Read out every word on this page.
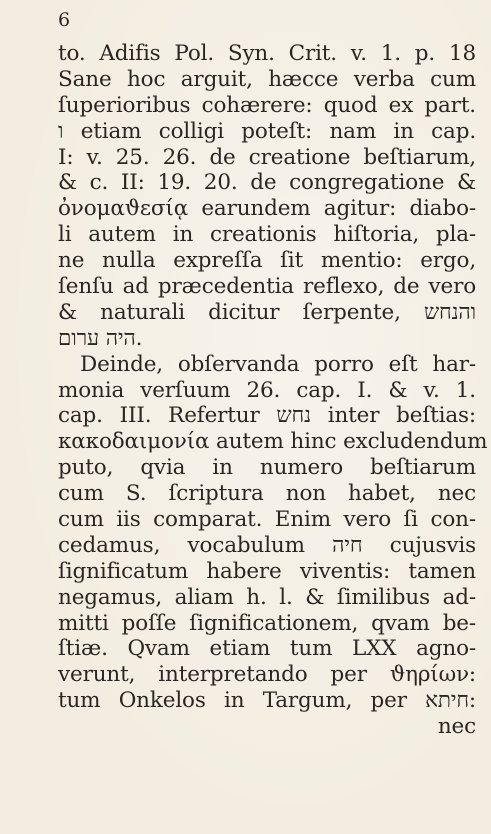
6
to. Adifis Pol. Syn. Crit. v. 1. p. 18
Sane hoc arguit, hæcce verba cum
ſuperioribus cohærere: quod ex part.
ו etiam colligi poteſt: nam in cap.
I: v. 25. 26. de creatione beſtiarum,
& c. II: 19. 20. de congregatione &
ὀνομαϑεσίᾳ earundem agitur: diabo-
li autem in creationis hiſtoria, pla-
ne nulla expreſſa ſit mentio: ergo,
ſenſu ad præcedentia reflexo, de vero
& naturali dicitur ſerpente, והנחש
היה ערום.
Deinde, obſervanda porro eſt har-
monia verſuum 26. cap. I. & v. 1.
cap. III. Refertur נחש inter beſtias:
κακοδαιμονία autem hinc excludendum
puto, qvia in numero beſtiarum
cum S. ſcriptura non habet, nec
cum iis comparat. Enim vero ſi con-
cedamus, vocabulum חיה cujusvis
ſignificatum habere viventis: tamen
negamus, aliam h. l. & ſimilibus ad-
mitti poſſe ſignificationem, qvam be-
ſtiæ. Qvam etiam tum LXX agno-
verunt, interpretando per ϑηρίων:
tum Onkelos in Targum, per חיתא:
nec
